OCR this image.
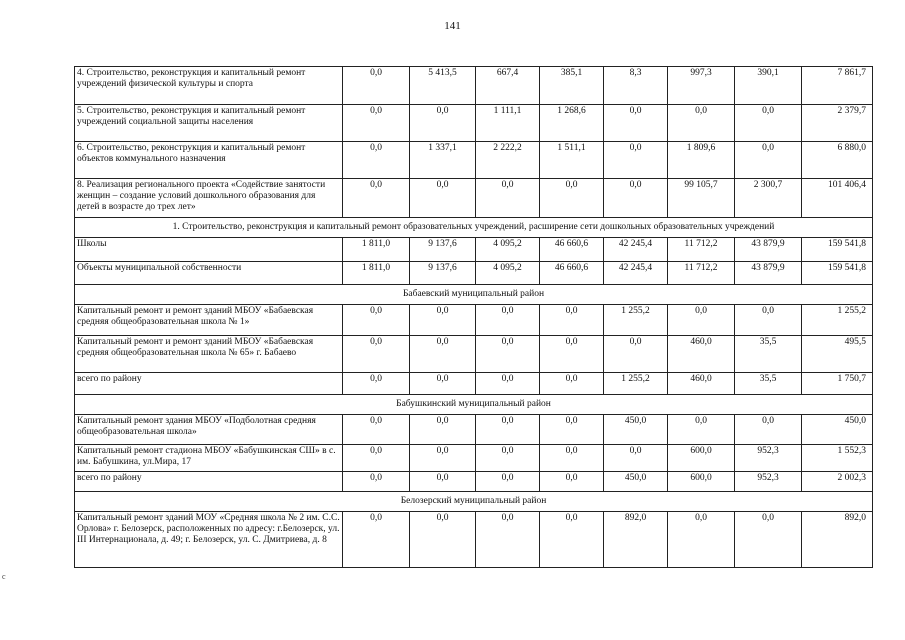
141
с
4. Строительство, реконструкция и капитальный ремонт учреждений физической культуры и спорта	0,0	5 413,5	667,4	385,1	8,3	997,3	390,1	7 861,7
5. Строительство, реконструкция и капитальный ремонт учреждений социальной защиты населения	0,0	0,0	1 111,1	1 268,6	0,0	0,0	0,0	2 379,7
6. Строительство, реконструкция и капитальный ремонт объектов коммунального назначения	0,0	1 337,1	2 222,2	1 511,1	0,0	1 809,6	0,0	6 880,0
8. Реализация регионального проекта «Содействие занятости женщин – создание условий дошкольного образования для детей в возрасте до трех лет»	0,0	0,0	0,0	0,0	0,0	99 105,7	2 300,7	101 406,4
1. Строительство, реконструкция и капитальный ремонт образовательных учреждений, расширение сети дошкольных образовательных учреждений								
Школы	1 811,0	9 137,6	4 095,2	46 660,6	42 245,4	11 712,2	43 879,9	159 541,8
Объекты муниципальной собственности	1 811,0	9 137,6	4 095,2	46 660,6	42 245,4	11 712,2	43 879,9	159 541,8
Бабаевский муниципальный район								
Капитальный ремонт и ремонт зданий МБОУ «Бабаевская средняя общеобразовательная школа № 1»	0,0	0,0	0,0	0,0	1 255,2	0,0	0,0	1 255,2
Капитальный ремонт и ремонт зданий МБОУ «Бабаевская средняя общеобразовательная школа № 65» г. Бабаево	0,0	0,0	0,0	0,0	0,0	460,0	35,5	495,5
всего по району	0,0	0,0	0,0	0,0	1 255,2	460,0	35,5	1 750,7
Бабушкинский муниципальный район								
Капитальный ремонт здания МБОУ «Подболотная средняя общеобразовательная школа»	0,0	0,0	0,0	0,0	450,0	0,0	0,0	450,0
Капитальный ремонт стадиона МБОУ «Бабушкинская СШ» в с. им. Бабушкина, ул.Мира, 17	0,0	0,0	0,0	0,0	0,0	600,0	952,3	1 552,3
всего по району	0,0	0,0	0,0	0,0	450,0	600,0	952,3	2 002,3
Белозерский муниципальный район								
Капитальный ремонт зданий МОУ «Средняя школа № 2 им. С.С. Орлова» г. Белозерск, расположенных по адресу: г.Белозерск, ул. III Интернационала, д. 49; г. Белозерск, ул. С. Дмитриева, д. 8	0,0	0,0	0,0	0,0	892,0	0,0	0,0	892,0
